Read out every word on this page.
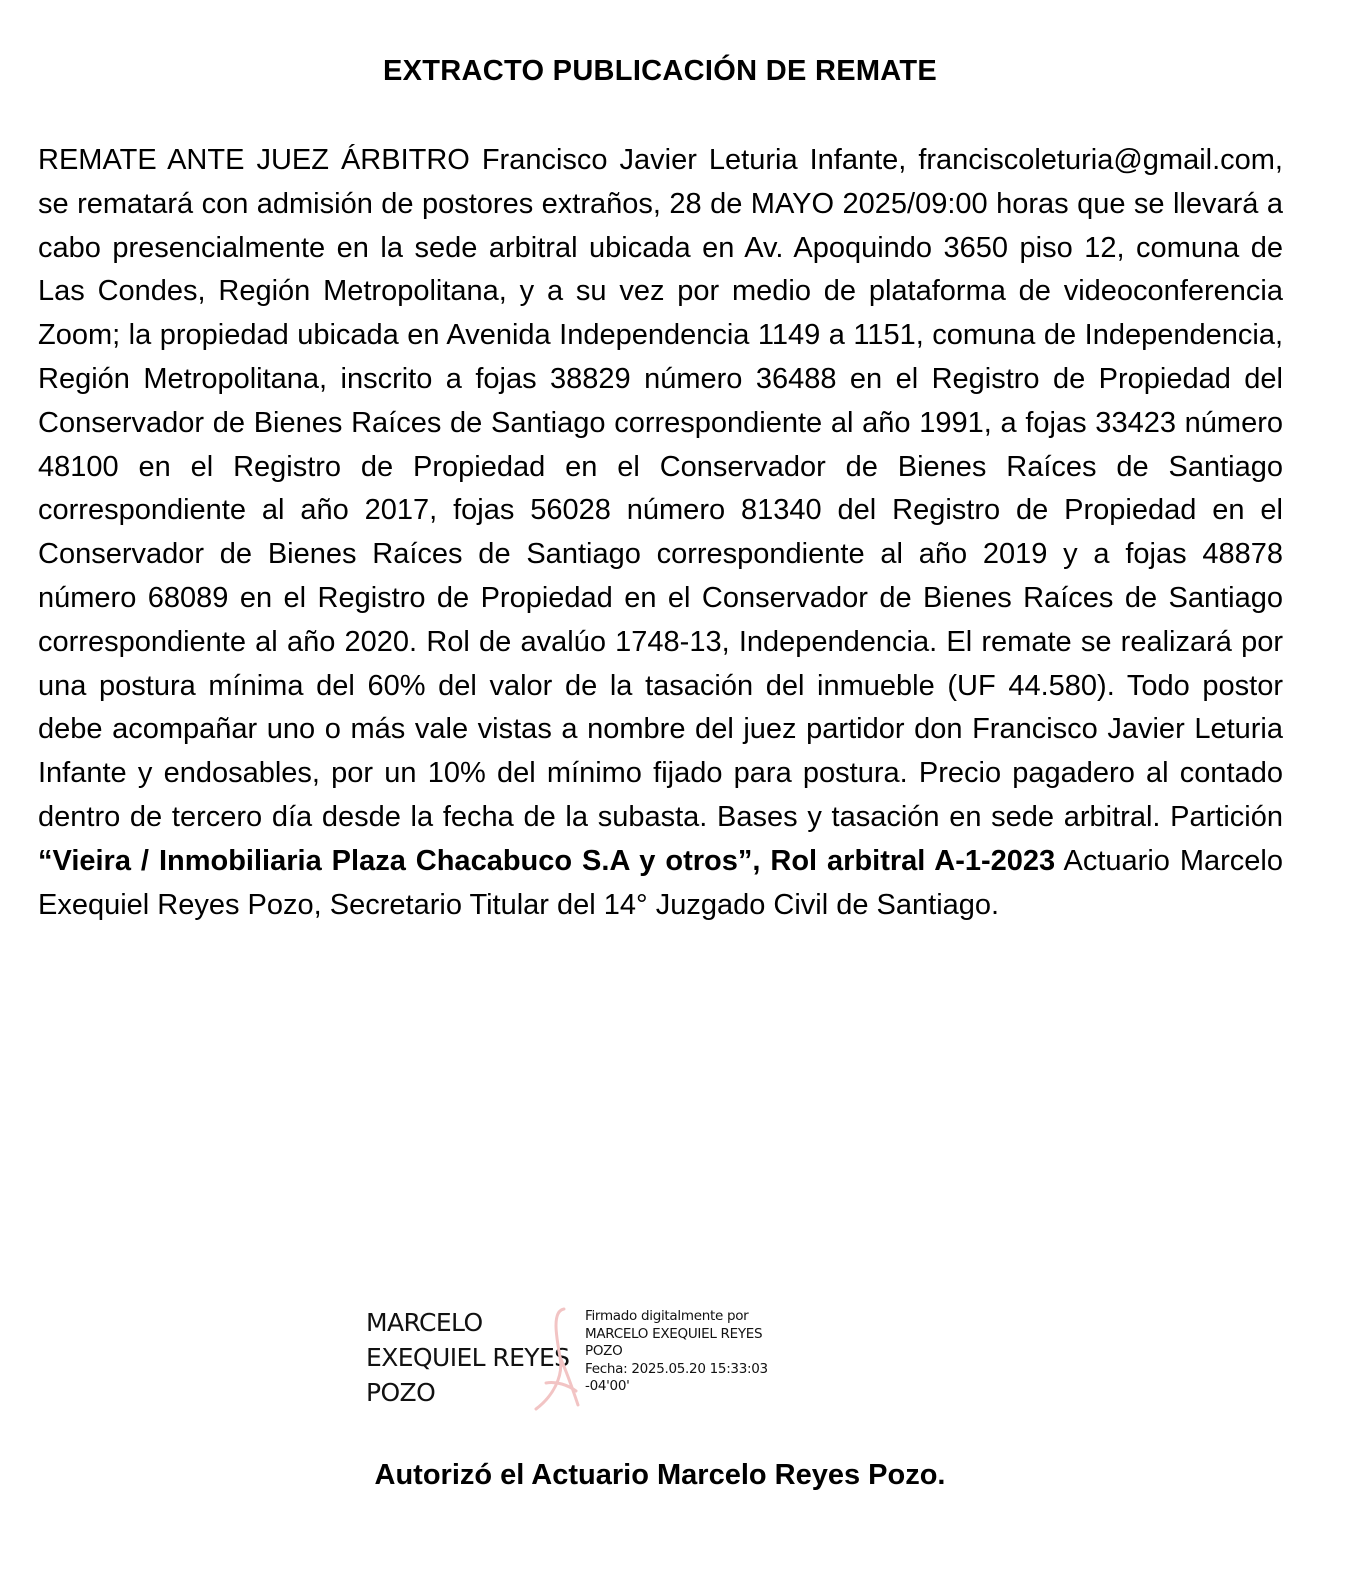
EXTRACTO PUBLICACIÓN DE REMATE

REMATE ANTE JUEZ ÁRBITRO Francisco Javier Leturia Infante, franciscoleturia@gmail.com, se rematará con admisión de postores extraños, 28 de MAYO 2025/09:00 horas que se llevará a cabo presencialmente en la sede arbitral ubicada en Av. Apoquindo 3650 piso 12, comuna de Las Condes, Región Metropolitana, y a su vez por medio de plataforma de videoconferencia Zoom; la propiedad ubicada en Avenida Independencia 1149 a 1151, comuna de Independencia, Región Metropolitana, inscrito a fojas 38829 número 36488 en el Registro de Propiedad del Conservador de Bienes Raíces de Santiago correspondiente al año 1991, a fojas 33423 número 48100 en el Registro de Propiedad en el Conservador de Bienes Raíces de Santiago correspondiente al año 2017, fojas 56028 número 81340 del Registro de Propiedad en el Conservador de Bienes Raíces de Santiago correspondiente al año 2019 y a fojas 48878 número 68089 en el Registro de Propiedad en el Conservador de Bienes Raíces de Santiago correspondiente al año 2020. Rol de avalúo 1748-13, Independencia. El remate se realizará por una postura mínima del 60% del valor de la tasación del inmueble (UF 44.580). Todo postor debe acompañar uno o más vale vistas a nombre del juez partidor don Francisco Javier Leturia Infante y endosables, por un 10% del mínimo fijado para postura. Precio pagadero al contado dentro de tercero día desde la fecha de la subasta. Bases y tasación en sede arbitral. Partición “Vieira / Inmobiliaria Plaza Chacabuco S.A y otros”, Rol arbitral A-1-2023 Actuario Marcelo Exequiel Reyes Pozo, Secretario Titular del 14° Juzgado Civil de Santiago.

MARCELO
EXEQUIEL REYES
POZO
Firmado digitalmente por
MARCELO EXEQUIEL REYES
POZO
Fecha: 2025.05.20 15:33:03
-04'00'
Autorizó el Actuario Marcelo Reyes Pozo.
